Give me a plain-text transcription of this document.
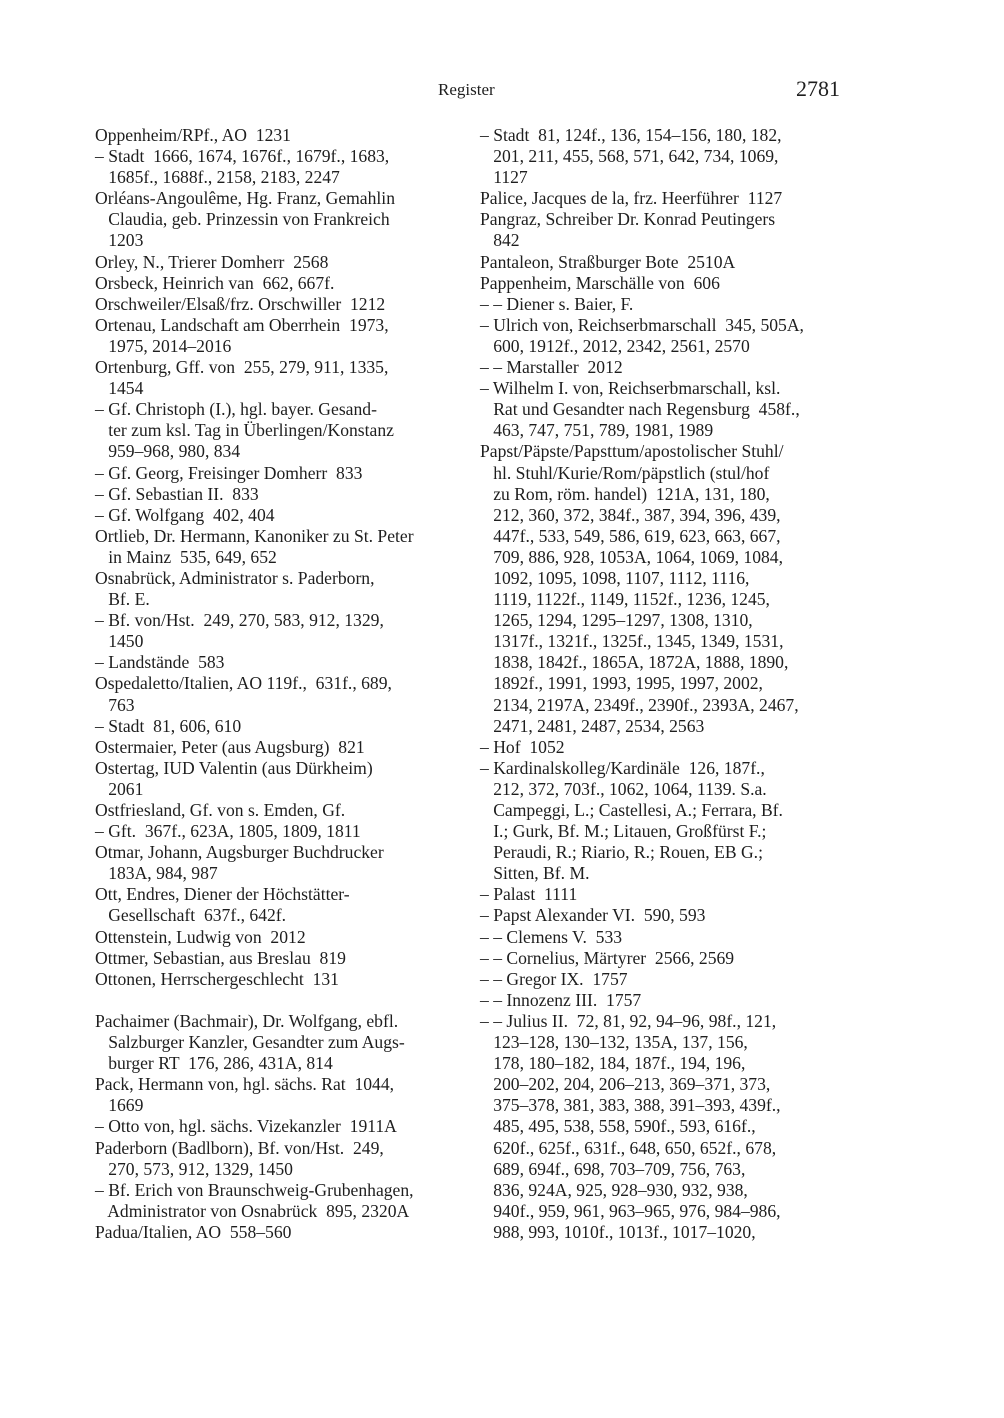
Register	2781
Oppenheim/RPf., AO  1231
– Stadt  1666, 1674, 1676f., 1679f., 1683,
1685f., 1688f., 2158, 2183, 2247
Orléans-Angoulême, Hg. Franz, Gemahlin
Claudia, geb. Prinzessin von Frankreich
1203
Orley, N., Trierer Domherr  2568
Orsbeck, Heinrich van  662, 667f.
Orschweiler/Elsaß/frz. Orschwiller  1212
Ortenau, Landschaft am Oberrhein  1973,
1975, 2014–2016
Ortenburg, Gff. von  255, 279, 911, 1335,
1454
– Gf. Christoph (I.), hgl. bayer. Gesand-
ter zum ksl. Tag in Überlingen/Konstanz
959–968, 980, 834
– Gf. Georg, Freisinger Domherr  833
– Gf. Sebastian II.  833
– Gf. Wolfgang  402, 404
Ortlieb, Dr. Hermann, Kanoniker zu St. Peter
in Mainz  535, 649, 652
Osnabrück, Administrator s. Paderborn,
Bf. E.
– Bf. von/Hst.  249, 270, 583, 912, 1329,
1450
– Landstände  583
Ospedaletto/Italien, AO 119f.,  631f., 689,
763
– Stadt  81, 606, 610
Ostermaier, Peter (aus Augsburg)  821
Ostertag, IUD Valentin (aus Dürkheim)
2061
Ostfriesland, Gf. von s. Emden, Gf.
– Gft.  367f., 623A, 1805, 1809, 1811
Otmar, Johann, Augsburger Buchdrucker
183A, 984, 987
Ott, Endres, Diener der Höchstätter-
Gesellschaft  637f., 642f.
Ottenstein, Ludwig von  2012
Ottmer, Sebastian, aus Breslau  819
Ottonen, Herrschergeschlecht  131
Pachaimer (Bachmair), Dr. Wolfgang, ebfl.
Salzburger Kanzler, Gesandter zum Augs-
burger RT  176, 286, 431A, 814
Pack, Hermann von, hgl. sächs. Rat  1044,
1669
– Otto von, hgl. sächs. Vizekanzler  1911A
Paderborn (Badlborn), Bf. von/Hst.  249,
270, 573, 912, 1329, 1450
– Bf. Erich von Braunschweig-Grubenhagen,
Administrator von Osnabrück  895, 2320A
Padua/Italien, AO  558–560
– Stadt  81, 124f., 136, 154–156, 180, 182,
201, 211, 455, 568, 571, 642, 734, 1069,
1127
Palice, Jacques de la, frz. Heerführer  1127
Pangraz, Schreiber Dr. Konrad Peutingers
842
Pantaleon, Straßburger Bote  2510A
Pappenheim, Marschälle von  606
– – Diener s. Baier, F.
– Ulrich von, Reichserbmarschall  345, 505A,
600, 1912f., 2012, 2342, 2561, 2570
– – Marstaller  2012
– Wilhelm I. von, Reichserbmarschall, ksl.
Rat und Gesandter nach Regensburg  458f.,
463, 747, 751, 789, 1981, 1989
Papst/Päpste/Papsttum/apostolischer Stuhl/
hl. Stuhl/Kurie/Rom/päpstlich (stul/hof
zu Rom, röm. handel)  121A, 131, 180,
212, 360, 372, 384f., 387, 394, 396, 439,
447f., 533, 549, 586, 619, 623, 663, 667,
709, 886, 928, 1053A, 1064, 1069, 1084,
1092, 1095, 1098, 1107, 1112, 1116,
1119, 1122f., 1149, 1152f., 1236, 1245,
1265, 1294, 1295–1297, 1308, 1310,
1317f., 1321f., 1325f., 1345, 1349, 1531,
1838, 1842f., 1865A, 1872A, 1888, 1890,
1892f., 1991, 1993, 1995, 1997, 2002,
2134, 2197A, 2349f., 2390f., 2393A, 2467,
2471, 2481, 2487, 2534, 2563
– Hof  1052
– Kardinalskolleg/Kardinäle  126, 187f.,
212, 372, 703f., 1062, 1064, 1139. S.a.
Campeggi, L.; Castellesi, A.; Ferrara, Bf.
I.; Gurk, Bf. M.; Litauen, Großfürst F.;
Peraudi, R.; Riario, R.; Rouen, EB G.;
Sitten, Bf. M.
– Palast  1111
– Papst Alexander VI.  590, 593
– – Clemens V.  533
– – Cornelius, Märtyrer  2566, 2569
– – Gregor IX.  1757
– – Innozenz III.  1757
– – Julius II.  72, 81, 92, 94–96, 98f., 121,
123–128, 130–132, 135A, 137, 156,
178, 180–182, 184, 187f., 194, 196,
200–202, 204, 206–213, 369–371, 373,
375–378, 381, 383, 388, 391–393, 439f.,
485, 495, 538, 558, 590f., 593, 616f.,
620f., 625f., 631f., 648, 650, 652f., 678,
689, 694f., 698, 703–709, 756, 763,
836, 924A, 925, 928–930, 932, 938,
940f., 959, 961, 963–965, 976, 984–986,
988, 993, 1010f., 1013f., 1017–1020,
